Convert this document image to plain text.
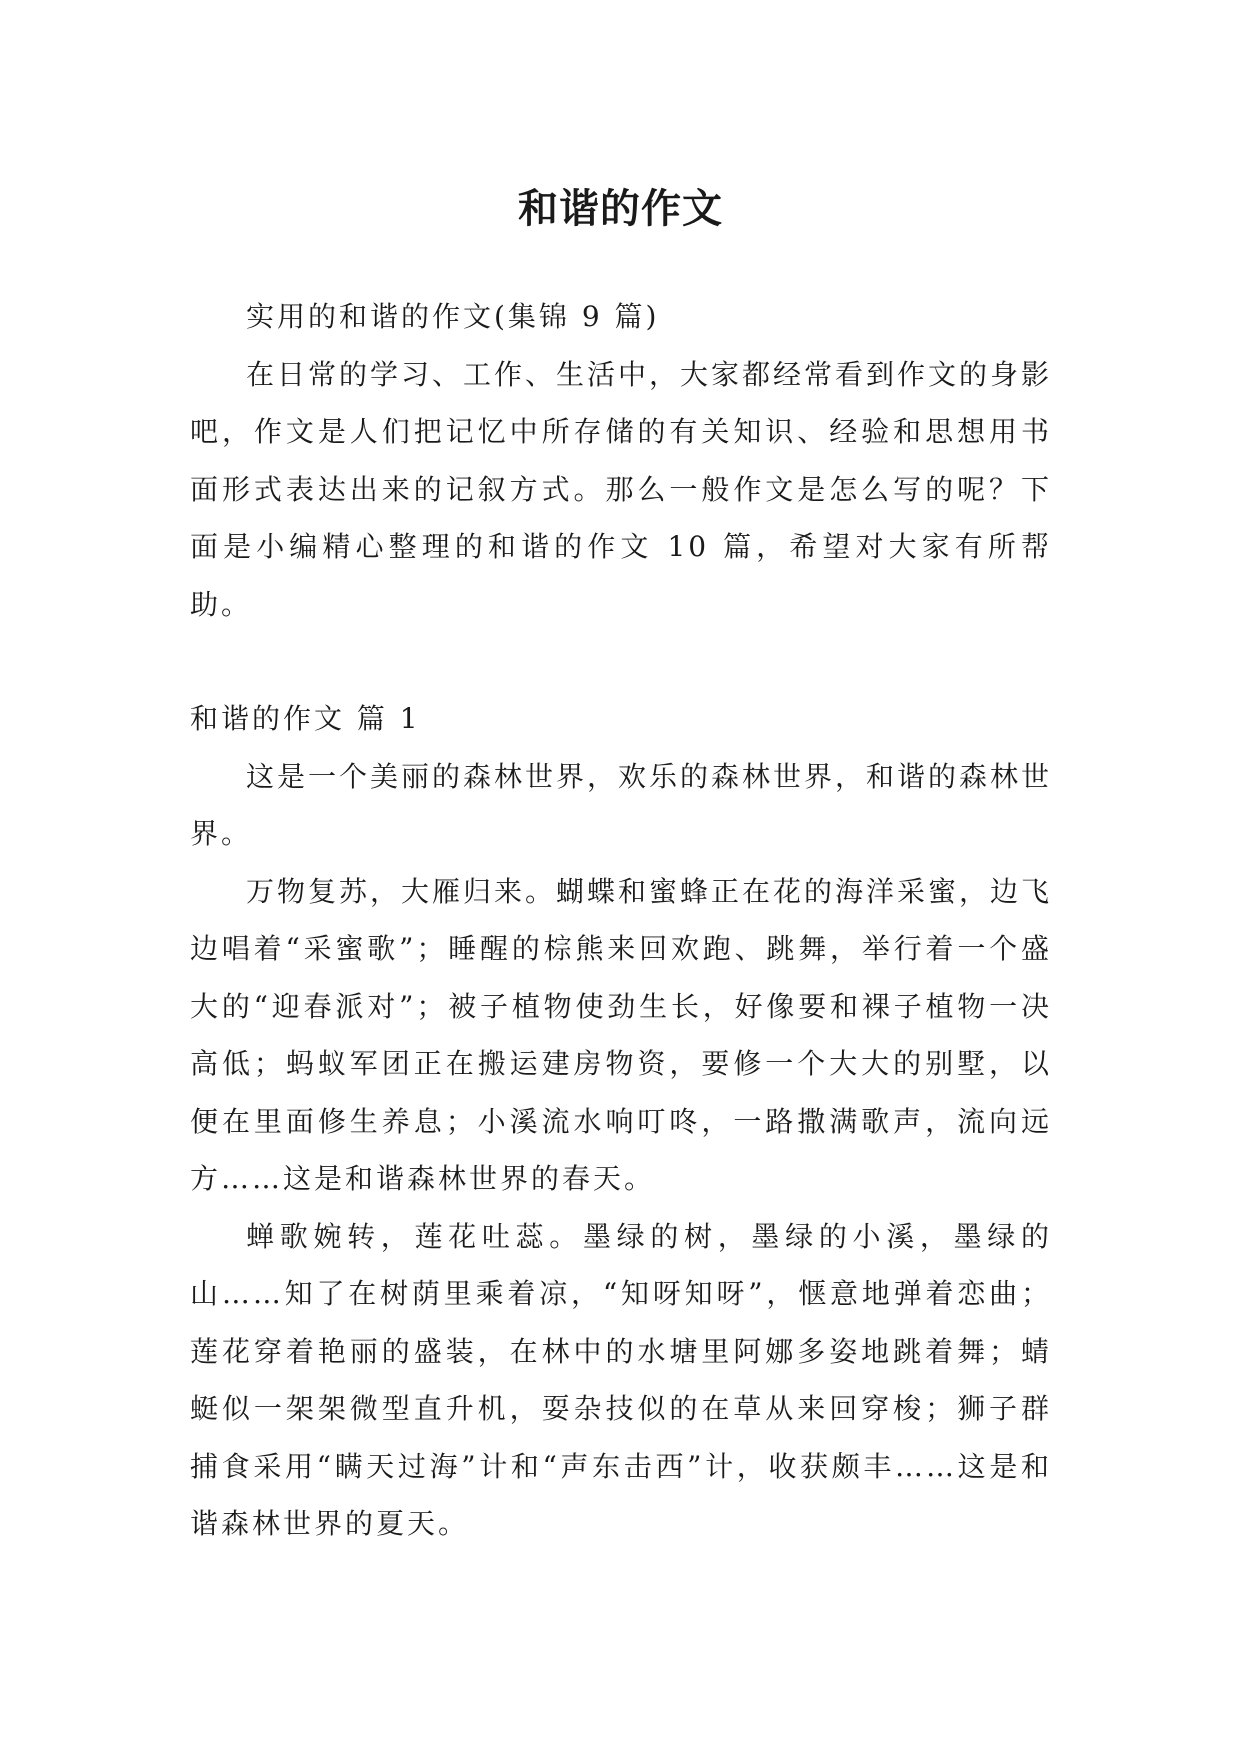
和谐的作文

实用的和谐的作文(集锦 9 篇)

在日常的学习、工作、生活中，大家都经常看到作文的身影吧，作文是人们把记忆中所存储的有关知识、经验和思想用书面形式表达出来的记叙方式。那么一般作文是怎么写的呢？下面是小编精心整理的和谐的作文 10 篇，希望对大家有所帮助。

和谐的作文 篇 1

这是一个美丽的森林世界，欢乐的森林世界，和谐的森林世界。

万物复苏，大雁归来。蝴蝶和蜜蜂正在花的海洋采蜜，边飞边唱着“采蜜歌”；睡醒的棕熊来回欢跑、跳舞，举行着一个盛大的“迎春派对”；被子植物使劲生长，好像要和裸子植物一决高低；蚂蚁军团正在搬运建房物资，要修一个大大的别墅，以便在里面修生养息；小溪流水响叮咚，一路撒满歌声，流向远方……这是和谐森林世界的春天。

蝉歌婉转，莲花吐蕊。墨绿的树，墨绿的小溪，墨绿的山……知了在树荫里乘着凉，“知呀知呀”，惬意地弹着恋曲；莲花穿着艳丽的盛装，在林中的水塘里阿娜多姿地跳着舞；蜻蜓似一架架微型直升机，耍杂技似的在草从来回穿梭；狮子群捕食采用“瞒天过海”计和“声东击西”计，收获颇丰……这是和谐森林世界的夏天。
